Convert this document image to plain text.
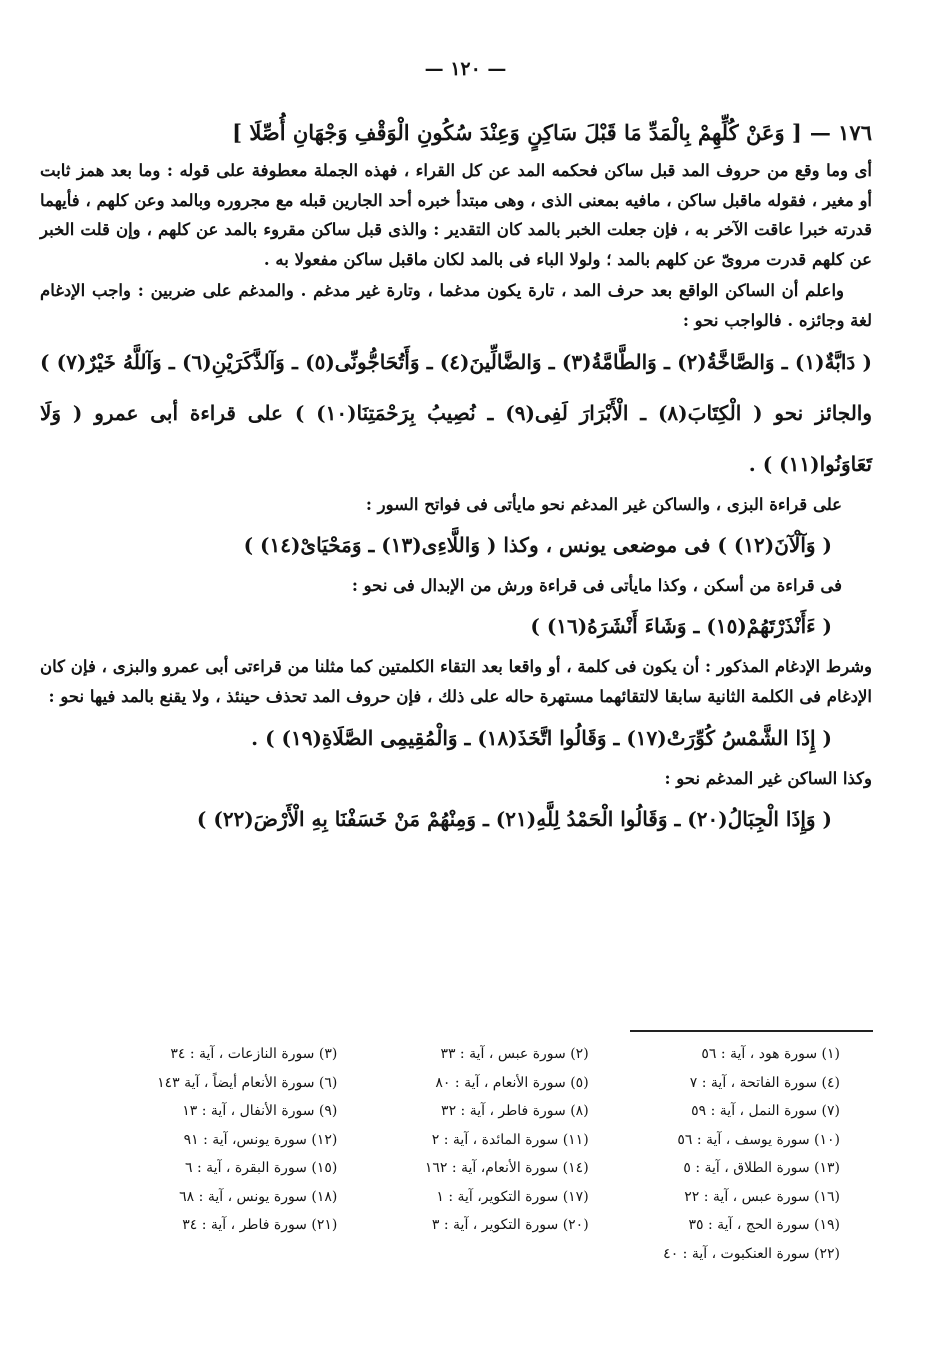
— ١٢٠ —
١٧٦ —[ وَعَنْ كُلِّهِمْ بِالْمَدِّ مَا قَبْلَ سَاكِنٍ وَعِنْدَ سُكُونِ الْوَقْفِ وَجْهَانِ أُصِّلَا ]

أى وما وقع من حروف المد قبل ساكن فحكمه المد عن كل القراء ، فهذه الجملة معطوفة على قوله : وما بعد همز ثابت أو مغير ، فقوله ماقبل ساكن ، مافيه بمعنى الذى ، وهى مبتدأ خبره أحد الجارين قبله مع مجروره وبالمد وعن كلهم ، فأيهما قدرته خبرا عاقت الآخر به ، فإن جعلت الخبر بالمد كان التقدير : والذى قبل ساكن مقروء بالمد عن كلهم ، وإن قلت الخبر عن كلهم قدرت مروىّ عن كلهم بالمد ؛ ولولا الباء فى بالمد لكان ماقبل ساكن مفعولا به .

واعلم أن الساكن الواقع بعد حرف المد ، تارة يكون مدغما ، وتارة غير مدغم . والمدغم على ضربين : واجب الإدغام لغة وجائزه . فالواجب نحو :

( دَابَّةٌ(١) ـ وَالصَّاخَّةُ(٢) ـ وَالطَّامَّةُ(٣) ـ وَالضَّالِّينَ(٤) ـ وَأَتُحَاجُّونِّى(٥) ـ وَآلذَّكَرَيْنِ(٦) ـ وَآللَّهُ خَيْرٌ(٧) ) والجائز نحو ( الْكِتَابَ(٨) ـ الْأَبْرَارَ لَفِى(٩) ـ نُصِيبُ بِرَحْمَتِنَا(١٠) ) على قراءة أبى عمرو ( وَلَا تَعَاوَنُوا(١١) ) .

على قراءة البزى ، والساكن غير المدغم نحو مايأتى فى فواتح السور :

( وَآلْآنَ(١٢) ) فى موضعى يونس ، وكذا ( وَاللَّاءِى(١٣) ـ وَمَحْيَاىْ(١٤) )

فى قراءة من أسكن ، وكذا مايأتى فى قراءة ورش من الإبدال فى نحو :

( ءَأَنْذَرْتَهُمْ(١٥) ـ وَشَاءَ أَنْشَرَهُ(١٦) )

وشرط الإدغام المذكور : أن يكون فى كلمة ، أو واقعا بعد التقاء الكلمتين كما مثلنا من قراءتى أبى عمرو والبزى ، فإن كان الإدغام فى الكلمة الثانية سابقا لالتقائهما مستهرة حاله على ذلك ، فإن حروف المد تحذف حينئذ ، ولا يقنع بالمد فيها نحو :

( إِذَا الشَّمْسُ كُوِّرَتْ(١٧) ـ وَقَالُوا اتَّخَذَ(١٨) ـ وَالْمُقِيمِى الصَّلَاةِ(١٩) ) .

وكذا الساكن غير المدغم نحو :

( وَإِذَا الْجِبَالُ(٢٠) ـ وَقَالُوا الْحَمْدُ لِلَّهِ(٢١) ـ وَمِنْهُمْ مَنْ خَسَفْنَا بِهِ الْأَرْضَ(٢٢) )

(١) سورة هود ، آية : ٥٦
(٢) سورة عبس ، آية : ٣٣
(٣) سورة النازعات ، آية : ٣٤
(٤) سورة الفاتحة ، آية : ٧
(٥) سورة الأنعام ، آية : ٨٠
(٦) سورة الأنعام أيضاً ، آية ١٤٣
(٧) سورة النمل ، آية : ٥٩
(٨) سورة فاطر ، آية : ٣٢
(٩) سورة الأنفال ، آية : ١٣
(١٠) سورة يوسف ، آية : ٥٦
(١١) سورة المائدة ، آية : ٢
(١٢) سورة يونس، آية : ٩١
(١٣) سورة الطلاق ، آية : ٥
(١٤) سورة الأنعام، آية : ١٦٢
(١٥) سورة البقرة ، آية : ٦
(١٦) سورة عبس ، آية : ٢٢
(١٧) سورة التكوير، آية : ١
(١٨) سورة يونس ، آية : ٦٨
(١٩) سورة الحج ، آية : ٣٥
(٢٠) سورة التكوير ، آية : ٣
(٢١) سورة فاطر ، آية : ٣٤
(٢٢) سورة العنكبوت ، آية : ٤٠
